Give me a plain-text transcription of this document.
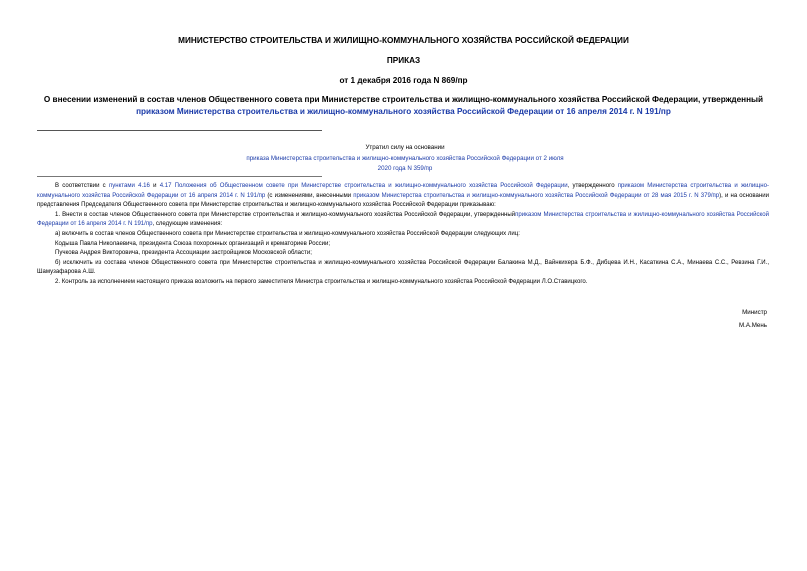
МИНИСТЕРСТВО СТРОИТЕЛЬСТВА И ЖИЛИЩНО-КОММУНАЛЬНОГО ХОЗЯЙСТВА РОССИЙСКОЙ ФЕДЕРАЦИИ
ПРИКАЗ
от 1 декабря 2016 года N 869/пр
О внесении изменений в состав членов Общественного совета при Министерстве строительства и жилищно-коммунального хозяйства Российской Федерации, утвержденный приказом Министерства строительства и жилищно-коммунального хозяйства Российской Федерации от 16 апреля 2014 г. N 191/пр
Утратил силу на основании
приказа Министерства строительства и жилищно-коммунального хозяйства Российской Федерации от 2 июля 2020 года N 359/пр

В соответствии с пунктами 4.16 и 4.17 Положения об Общественном совете при Министерстве строительства и жилищно-коммунального хозяйства Российской Федерации, утвержденного приказом Министерства строительства и жилищно-коммунального хозяйства Российской Федерации от 16 апреля 2014 г. N 191/пр (с изменениями, внесенными приказом Министерства строительства и жилищно-коммунального хозяйства Российской Федерации от 28 мая 2015 г. N 379/пр), и на основании представления Председателя Общественного совета при Министерстве строительства и жилищно-коммунального хозяйства Российской Федерации приказываю:

1. Внести в состав членов Общественного совета при Министерстве строительства и жилищно-коммунального хозяйства Российской Федерации, утвержденныйприказом Министерства строительства и жилищно-коммунального хозяйства Российской Федерации от 16 апреля 2014 г. N 191/пр, следующие изменения:

а) включить в состав членов Общественного совета при Министерстве строительства и жилищно-коммунального хозяйства Российской Федерации следующих лиц:

Кодыша Павла Николаевича, президента Союза похоронных организаций и крематориев России;

Пучкова Андрея Викторовича, президента Ассоциации застройщиков Московской области;

б) исключить из состава членов Общественного совета при Министерстве строительства и жилищно-коммунального хозяйства Российской Федерации Балакина М.Д., Вайнкихера Б.Ф., Дибцева И.Н., Касаткина С.А., Минаева С.С., Ревзина Г.И., Шамузафарова А.Ш.

2. Контроль за исполнением настоящего приказа возложить на первого заместителя Министра строительства и жилищно-коммунального хозяйства Российской Федерации Л.О.Ставицкого.

Министр
М.А.Мень
